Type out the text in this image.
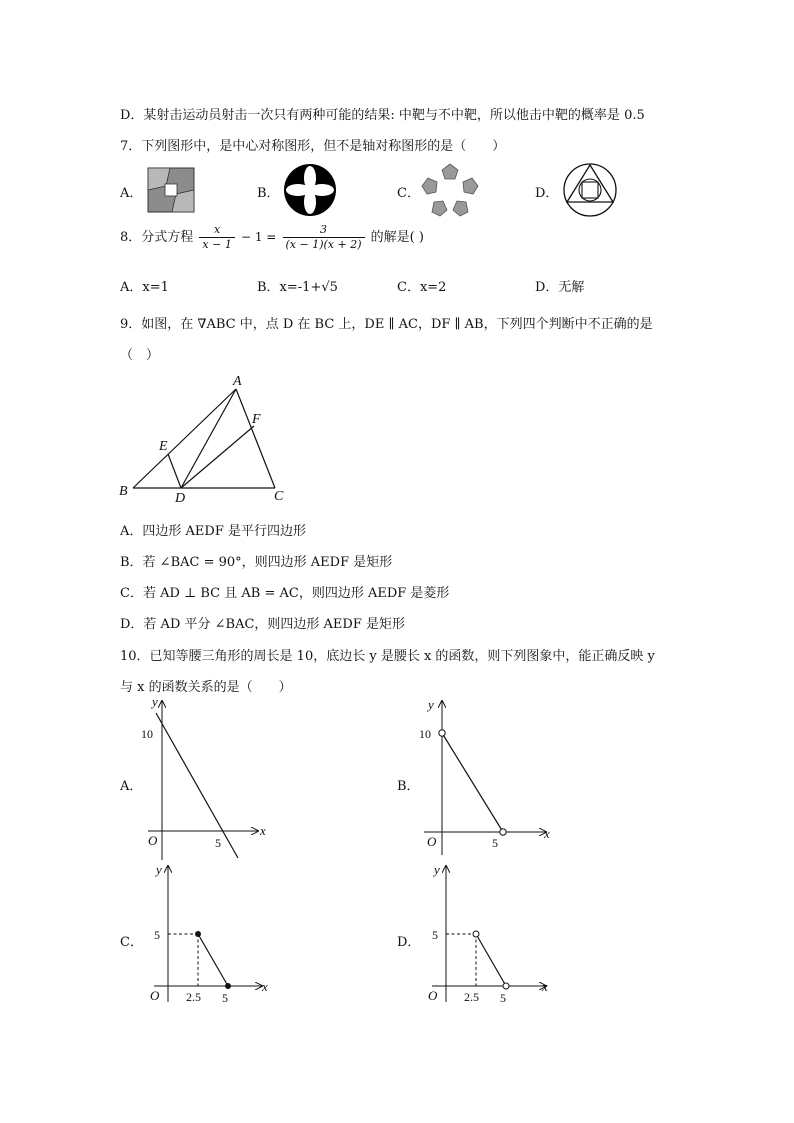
D．某射击运动员射击一次只有两种可能的结果: 中靶与不中靶，所以他击中靶的概率是 0.5
7．下列图形中，是中心对称图形，但不是轴对称图形的是（　　）
A．	B．	C．	D．
8．分式方程 $\frac{x}{x - 1} - 1 = \frac{3}{(x - 1)(x + 2)}$ 的解是( )
A．x=1	B．x=-1+√5	C．x=2	D．无解
9．如图，在 ∇ABC 中，点 D 在 BC 上，DE ∥ AC，DF ∥ AB，下列四个判断中不正确的是
（　）
A
B	C
D
E
F
A．四边形 AEDF 是平行四边形
B．若 ∠BAC = 90°，则四边形 AEDF 是矩形
C．若 AD ⊥ BC 且 AB = AC，则四边形 AEDF 是菱形
D．若 AD 平分 ∠BAC，则四边形 AEDF 是矩形
10．已知等腰三角形的周长是 10，底边长 y 是腰长 x 的函数，则下列图象中，能正确反映 y
与 x 的函数关系的是（　　）
A．
y
x
O
10
5
B．
y
x
O
10
5
C．
y
x
O
5
2.5 5
D．
y
x
O
5
2.5 5
